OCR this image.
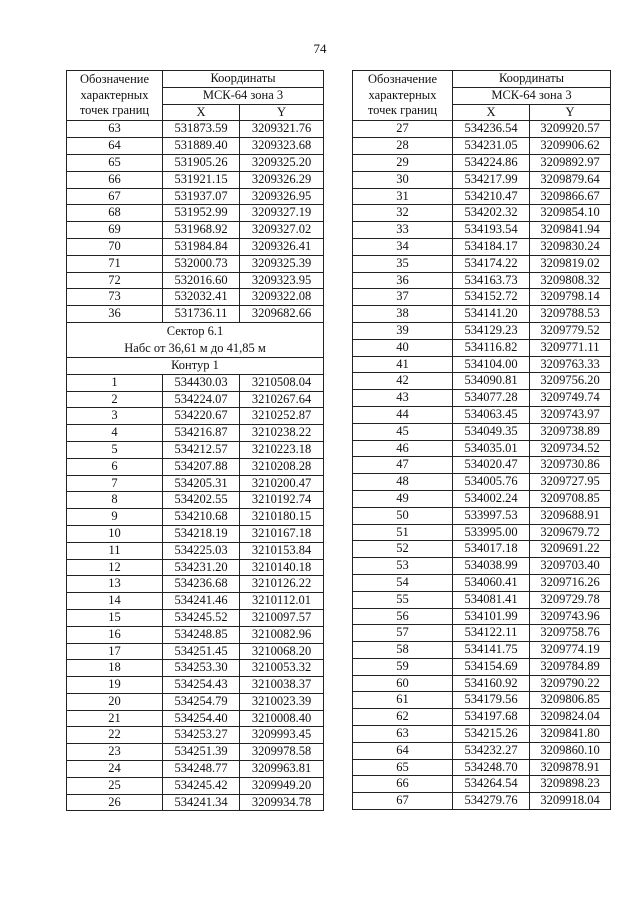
74
Обозначение
характерных
точек границ	Координаты	
	МСК-64 зона 3	
	X	Y
63	531873.59	3209321.76
64	531889.40	3209323.68
65	531905.26	3209325.20
66	531921.15	3209326.29
67	531937.07	3209326.95
68	531952.99	3209327.19
69	531968.92	3209327.02
70	531984.84	3209326.41
71	532000.73	3209325.39
72	532016.60	3209323.95
73	532032.41	3209322.08
36	531736.11	3209682.66
Сектор 6.1
Набс от 36,61 м до 41,85 м		
Контур 1		
1	534430.03	3210508.04
2	534224.07	3210267.64
3	534220.67	3210252.87
4	534216.87	3210238.22
5	534212.57	3210223.18
6	534207.88	3210208.28
7	534205.31	3210200.47
8	534202.55	3210192.74
9	534210.68	3210180.15
10	534218.19	3210167.18
11	534225.03	3210153.84
12	534231.20	3210140.18
13	534236.68	3210126.22
14	534241.46	3210112.01
15	534245.52	3210097.57
16	534248.85	3210082.96
17	534251.45	3210068.20
18	534253.30	3210053.32
19	534254.43	3210038.37
20	534254.79	3210023.39
21	534254.40	3210008.40
22	534253.27	3209993.45
23	534251.39	3209978.58
24	534248.77	3209963.81
25	534245.42	3209949.20
26	534241.34	3209934.78
Обозначение
характерных
точек границ	Координаты	
	МСК-64 зона 3	
	X	Y
27	534236.54	3209920.57
28	534231.05	3209906.62
29	534224.86	3209892.97
30	534217.99	3209879.64
31	534210.47	3209866.67
32	534202.32	3209854.10
33	534193.54	3209841.94
34	534184.17	3209830.24
35	534174.22	3209819.02
36	534163.73	3209808.32
37	534152.72	3209798.14
38	534141.20	3209788.53
39	534129.23	3209779.52
40	534116.82	3209771.11
41	534104.00	3209763.33
42	534090.81	3209756.20
43	534077.28	3209749.74
44	534063.45	3209743.97
45	534049.35	3209738.89
46	534035.01	3209734.52
47	534020.47	3209730.86
48	534005.76	3209727.95
49	534002.24	3209708.85
50	533997.53	3209688.91
51	533995.00	3209679.72
52	534017.18	3209691.22
53	534038.99	3209703.40
54	534060.41	3209716.26
55	534081.41	3209729.78
56	534101.99	3209743.96
57	534122.11	3209758.76
58	534141.75	3209774.19
59	534154.69	3209784.89
60	534160.92	3209790.22
61	534179.56	3209806.85
62	534197.68	3209824.04
63	534215.26	3209841.80
64	534232.27	3209860.10
65	534248.70	3209878.91
66	534264.54	3209898.23
67	534279.76	3209918.04
